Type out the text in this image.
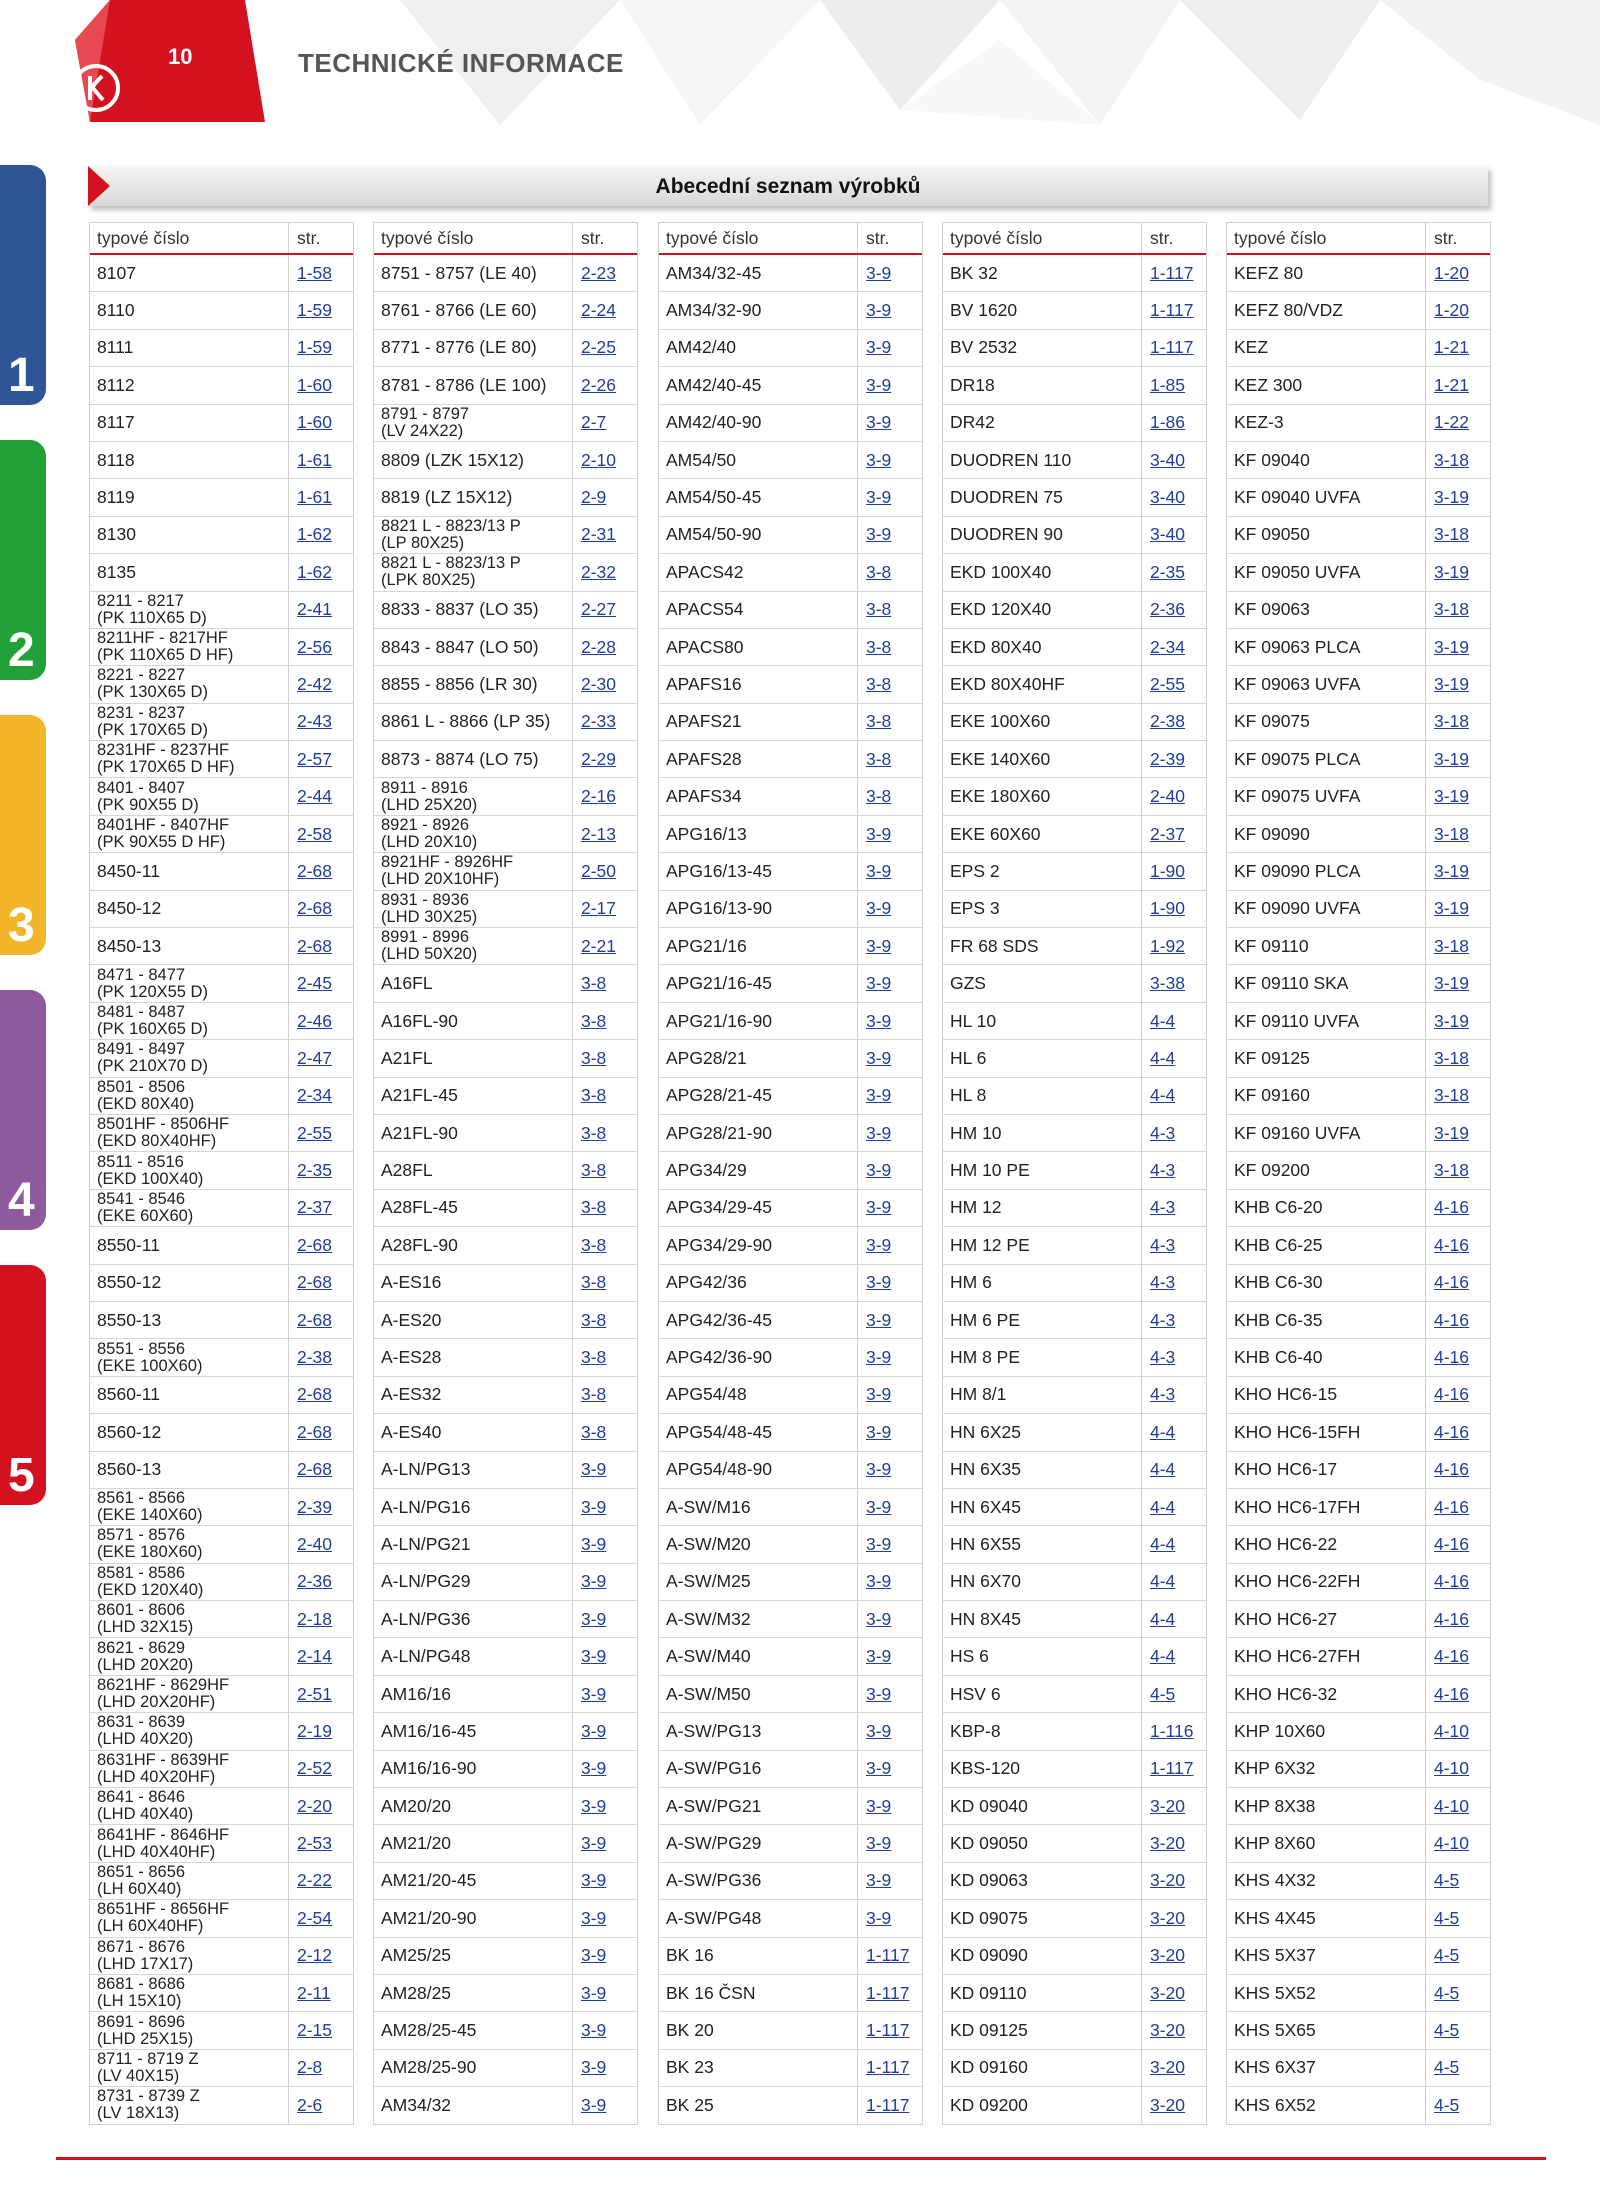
10	TECHNICKÉ INFORMACE
1
2
3
4
5
Abecední seznam výrobků
typové číslo	str.
8107	1-58
8110	1-59
8111	1-59
8112	1-60
8117	1-60
8118	1-61
8119	1-61
8130	1-62
8135	1-62
8211 - 8217
(PK 110X65 D)	2-41
8211HF - 8217HF
(PK 110X65 D HF)	2-56
8221 - 8227
(PK 130X65 D)	2-42
8231 - 8237
(PK 170X65 D)	2-43
8231HF - 8237HF
(PK 170X65 D HF)	2-57
8401 - 8407
(PK 90X55 D)	2-44
8401HF - 8407HF
(PK 90X55 D HF)	2-58
8450-11	2-68
8450-12	2-68
8450-13	2-68
8471 - 8477
(PK 120X55 D)	2-45
8481 - 8487
(PK 160X65 D)	2-46
8491 - 8497
(PK 210X70 D)	2-47
8501 - 8506
(EKD 80X40)	2-34
8501HF - 8506HF
(EKD 80X40HF)	2-55
8511 - 8516
(EKD 100X40)	2-35
8541 - 8546
(EKE 60X60)	2-37
8550-11	2-68
8550-12	2-68
8550-13	2-68
8551 - 8556
(EKE 100X60)	2-38
8560-11	2-68
8560-12	2-68
8560-13	2-68
8561 - 8566
(EKE 140X60)	2-39
8571 - 8576
(EKE 180X60)	2-40
8581 - 8586
(EKD 120X40)	2-36
8601 - 8606
(LHD 32X15)	2-18
8621 - 8629
(LHD 20X20)	2-14
8621HF - 8629HF
(LHD 20X20HF)	2-51
8631 - 8639
(LHD 40X20)	2-19
8631HF - 8639HF
(LHD 40X20HF)	2-52
8641 - 8646
(LHD 40X40)	2-20
8641HF - 8646HF
(LHD 40X40HF)	2-53
8651 - 8656
(LH 60X40)	2-22
8651HF - 8656HF
(LH 60X40HF)	2-54
8671 - 8676
(LHD 17X17)	2-12
8681 - 8686
(LH 15X10)	2-11
8691 - 8696
(LHD 25X15)	2-15
8711 - 8719 Z
(LV 40X15)	2-8
8731 - 8739 Z
(LV 18X13)	2-6
typové číslo	str.
8751 - 8757 (LE 40)	2-23
8761 - 8766 (LE 60)	2-24
8771 - 8776 (LE 80)	2-25
8781 - 8786 (LE 100)	2-26
8791 - 8797
(LV 24X22)	2-7
8809 (LZK 15X12)	2-10
8819 (LZ 15X12)	2-9
8821 L - 8823/13 P
(LP 80X25)	2-31
8821 L - 8823/13 P
(LPK 80X25)	2-32
8833 - 8837 (LO 35)	2-27
8843 - 8847 (LO 50)	2-28
8855 - 8856 (LR 30)	2-30
8861 L - 8866 (LP 35)	2-33
8873 - 8874 (LO 75)	2-29
8911 - 8916
(LHD 25X20)	2-16
8921 - 8926
(LHD 20X10)	2-13
8921HF - 8926HF
(LHD 20X10HF)	2-50
8931 - 8936
(LHD 30X25)	2-17
8991 - 8996
(LHD 50X20)	2-21
A16FL	3-8
A16FL-90	3-8
A21FL	3-8
A21FL-45	3-8
A21FL-90	3-8
A28FL	3-8
A28FL-45	3-8
A28FL-90	3-8
A-ES16	3-8
A-ES20	3-8
A-ES28	3-8
A-ES32	3-8
A-ES40	3-8
A-LN/PG13	3-9
A-LN/PG16	3-9
A-LN/PG21	3-9
A-LN/PG29	3-9
A-LN/PG36	3-9
A-LN/PG48	3-9
AM16/16	3-9
AM16/16-45	3-9
AM16/16-90	3-9
AM20/20	3-9
AM21/20	3-9
AM21/20-45	3-9
AM21/20-90	3-9
AM25/25	3-9
AM28/25	3-9
AM28/25-45	3-9
AM28/25-90	3-9
AM34/32	3-9
typové číslo	str.
AM34/32-45	3-9
AM34/32-90	3-9
AM42/40	3-9
AM42/40-45	3-9
AM42/40-90	3-9
AM54/50	3-9
AM54/50-45	3-9
AM54/50-90	3-9
APACS42	3-8
APACS54	3-8
APACS80	3-8
APAFS16	3-8
APAFS21	3-8
APAFS28	3-8
APAFS34	3-8
APG16/13	3-9
APG16/13-45	3-9
APG16/13-90	3-9
APG21/16	3-9
APG21/16-45	3-9
APG21/16-90	3-9
APG28/21	3-9
APG28/21-45	3-9
APG28/21-90	3-9
APG34/29	3-9
APG34/29-45	3-9
APG34/29-90	3-9
APG42/36	3-9
APG42/36-45	3-9
APG42/36-90	3-9
APG54/48	3-9
APG54/48-45	3-9
APG54/48-90	3-9
A-SW/M16	3-9
A-SW/M20	3-9
A-SW/M25	3-9
A-SW/M32	3-9
A-SW/M40	3-9
A-SW/M50	3-9
A-SW/PG13	3-9
A-SW/PG16	3-9
A-SW/PG21	3-9
A-SW/PG29	3-9
A-SW/PG36	3-9
A-SW/PG48	3-9
BK 16	1-117
BK 16 ČSN	1-117
BK 20	1-117
BK 23	1-117
BK 25	1-117
typové číslo	str.
BK 32	1-117
BV 1620	1-117
BV 2532	1-117
DR18	1-85
DR42	1-86
DUODREN 110	3-40
DUODREN 75	3-40
DUODREN 90	3-40
EKD 100X40	2-35
EKD 120X40	2-36
EKD 80X40	2-34
EKD 80X40HF	2-55
EKE 100X60	2-38
EKE 140X60	2-39
EKE 180X60	2-40
EKE 60X60	2-37
EPS 2	1-90
EPS 3	1-90
FR 68 SDS	1-92
GZS	3-38
HL 10	4-4
HL 6	4-4
HL 8	4-4
HM 10	4-3
HM 10 PE	4-3
HM 12	4-3
HM 12 PE	4-3
HM 6	4-3
HM 6 PE	4-3
HM 8 PE	4-3
HM 8/1	4-3
HN 6X25	4-4
HN 6X35	4-4
HN 6X45	4-4
HN 6X55	4-4
HN 6X70	4-4
HN 8X45	4-4
HS 6	4-4
HSV 6	4-5
KBP-8	1-116
KBS-120	1-117
KD 09040	3-20
KD 09050	3-20
KD 09063	3-20
KD 09075	3-20
KD 09090	3-20
KD 09110	3-20
KD 09125	3-20
KD 09160	3-20
KD 09200	3-20
typové číslo	str.
KEFZ 80	1-20
KEFZ 80/VDZ	1-20
KEZ	1-21
KEZ 300	1-21
KEZ-3	1-22
KF 09040	3-18
KF 09040 UVFA	3-19
KF 09050	3-18
KF 09050 UVFA	3-19
KF 09063	3-18
KF 09063 PLCA	3-19
KF 09063 UVFA	3-19
KF 09075	3-18
KF 09075 PLCA	3-19
KF 09075 UVFA	3-19
KF 09090	3-18
KF 09090 PLCA	3-19
KF 09090 UVFA	3-19
KF 09110	3-18
KF 09110 SKA	3-19
KF 09110 UVFA	3-19
KF 09125	3-18
KF 09160	3-18
KF 09160 UVFA	3-19
KF 09200	3-18
KHB C6-20	4-16
KHB C6-25	4-16
KHB C6-30	4-16
KHB C6-35	4-16
KHB C6-40	4-16
KHO HC6-15	4-16
KHO HC6-15FH	4-16
KHO HC6-17	4-16
KHO HC6-17FH	4-16
KHO HC6-22	4-16
KHO HC6-22FH	4-16
KHO HC6-27	4-16
KHO HC6-27FH	4-16
KHO HC6-32	4-16
KHP 10X60	4-10
KHP 6X32	4-10
KHP 8X38	4-10
KHP 8X60	4-10
KHS 4X32	4-5
KHS 4X45	4-5
KHS 5X37	4-5
KHS 5X52	4-5
KHS 5X65	4-5
KHS 6X37	4-5
KHS 6X52	4-5
